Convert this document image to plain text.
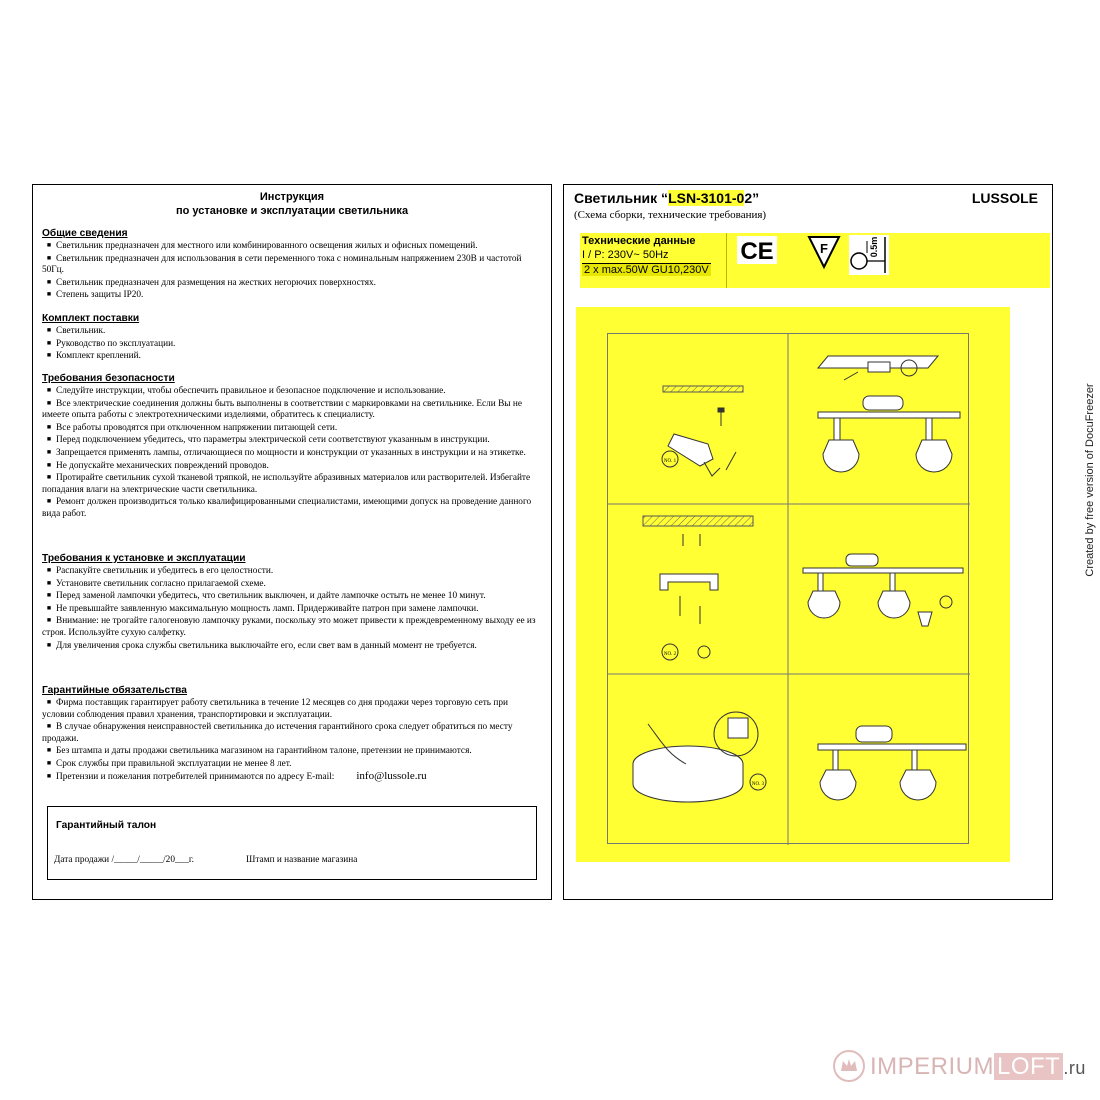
Инструкция
по установке и эксплуатации светильника
Общие сведения
■ Светильник предназначен для местного или комбинированного освещения жилых и офисных помещений.
■ Светильник предназначен для использования в сети переменного тока с номинальным напряжением 230В и частотой 50Гц.
■ Светильник предназначен для размещения на жестких негорючих поверхностях.
■ Степень защиты IP20.
Комплект поставки
■ Светильник.
■ Руководство по эксплуатации.
■ Комплект креплений.
Требования безопасности
■ Следуйте инструкции, чтобы обеспечить правильное и безопасное подключение и использование.
■ Все электрические соединения должны быть выполнены в соответствии с маркировками на светильнике. Если Вы не имеете опыта работы с электротехническими изделиями, обратитесь к специалисту.
■ Все работы проводятся при отключенном напряжении питающей сети.
■ Перед подключением убедитесь, что параметры электрической сети соответствуют указанным в инструкции.
■ Запрещается применять лампы, отличающиеся по мощности и конструкции от указанных в инструкции и на этикетке.
■ Не допускайте механических повреждений проводов.
■ Протирайте светильник сухой тканевой тряпкой, не используйте абразивных материалов или растворителей. Избегайте попадания влаги на электрические части светильника.
■ Ремонт должен производиться только квалифицированными специалистами, имеющими допуск на проведение данного вида работ.
Требования к установке и эксплуатации
■ Распакуйте светильник и убедитесь в его целостности.
■ Установите светильник согласно прилагаемой схеме.
■ Перед заменой лампочки убедитесь, что светильник выключен, и дайте лампочке остыть не менее 10 минут.
■ Не превышайте заявленную максимальную мощность ламп. Придерживайте патрон при замене лампочки.
■ Внимание: не трогайте галогеновую лампочку руками, поскольку это может привести к преждевременному выходу ее из строя. Используйте сухую салфетку.
■ Для увеличения срока службы светильника выключайте его, если свет вам в данный момент не требуется.
Гарантийные обязательства
■ Фирма поставщик гарантирует работу светильника в течение 12 месяцев со дня продажи через торговую сеть при условии соблюдения правил хранения, транспортировки и эксплуатации.
■ В случае обнаружения неисправностей светильника до истечения гарантийного срока следует обратиться по месту продажи.
■ Без штампа и даты продажи светильника магазином на гарантийном талоне, претензии не принимаются.
■ Срок службы при правильной эксплуатации не менее 8 лет.
■ Претензии и пожелания потребителей принимаются по адресу E-mail: info@lussole.ru
Гарантийный талон
Дата продажи /_____/_____/20___г.	Штамп и название магазина
Светильник “LSN-3101-02”	LUSSOLE
(Схема сборки, технические требования)
Технические данные
I / P: 230V~ 50Hz
2 x max.50W GU10,230V
CE	F	0.5m
NO. 1
NO. 2
NO. 3
Created by free version of DocuFreezer
IMPERIUM LOFT .ru
